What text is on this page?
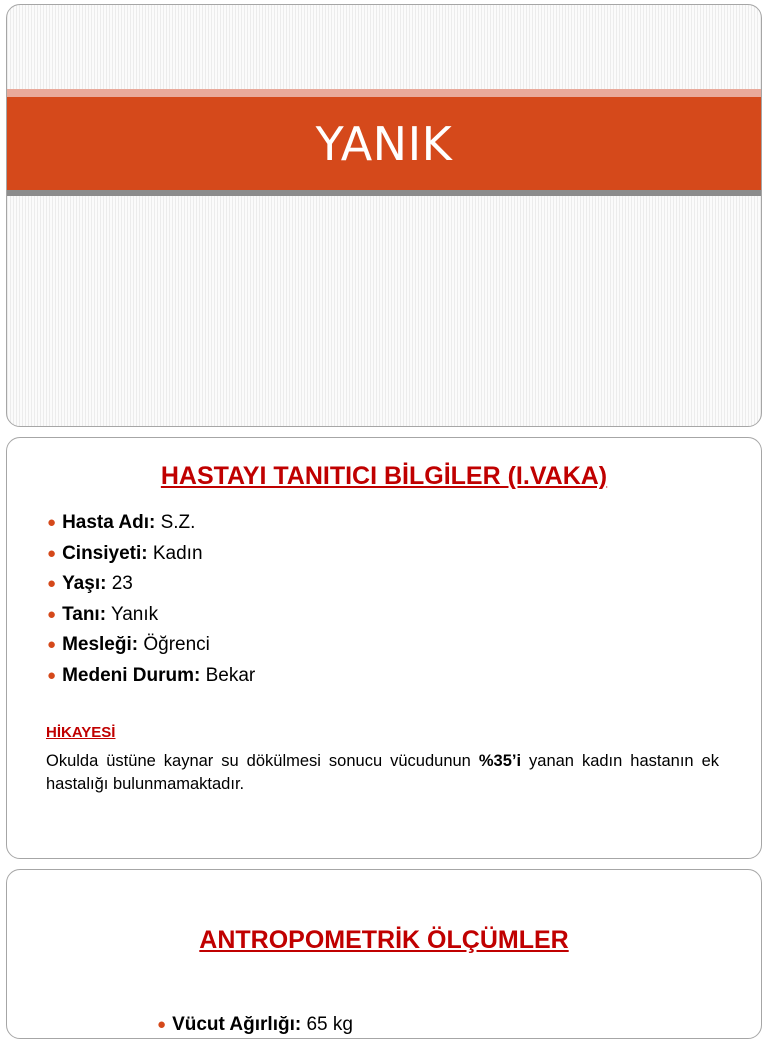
YANIK
HASTAYI TANITICI BİLGİLER (I.VAKA)
● Hasta Adı: S.Z.
● Cinsiyeti: Kadın
● Yaşı: 23
● Tanı: Yanık
● Mesleği: Öğrenci
● Medeni Durum: Bekar
HİKAYESİ
Okulda üstüne kaynar su dökülmesi sonucu vücudunun %35’i yanan kadın hastanın ek hastalığı bulunmamaktadır.
ANTROPOMETRİK ÖLÇÜMLER
● Vücut Ağırlığı: 65 kg
